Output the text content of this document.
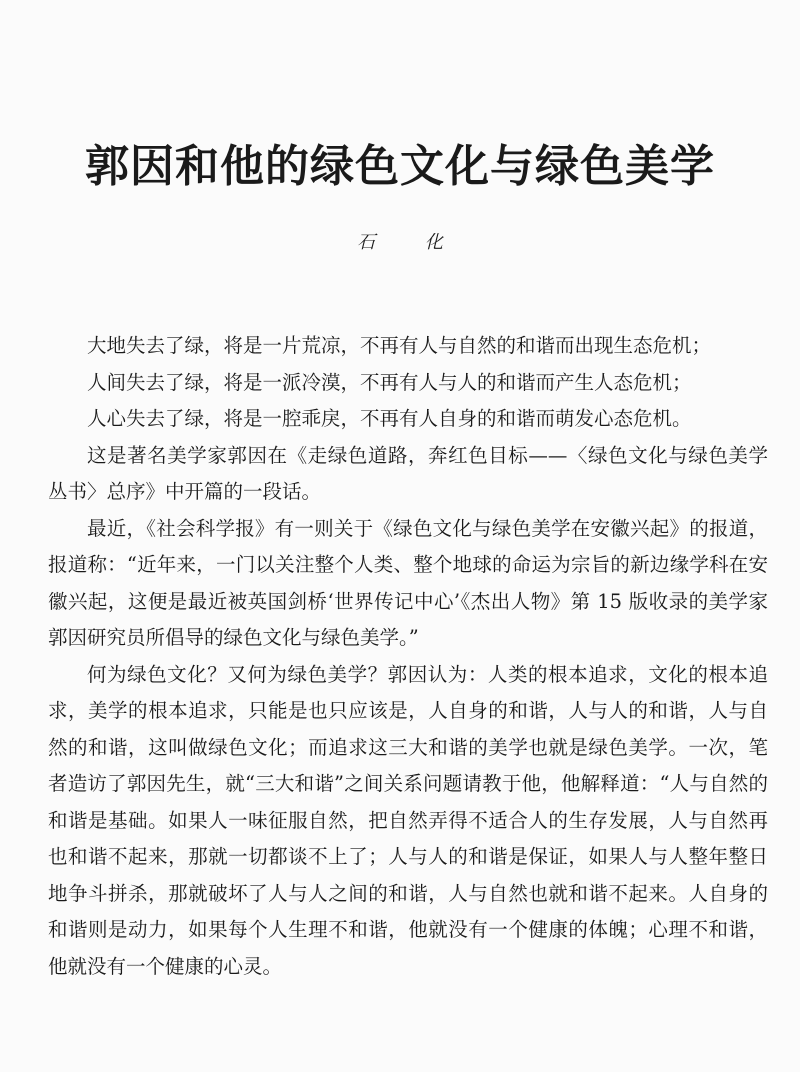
郭因和他的绿色文化与绿色美学

石 化

大地失去了绿，将是一片荒凉，不再有人与自然的和谐而出现生态危机；

人间失去了绿，将是一派冷漠，不再有人与人的和谐而产生人态危机；

人心失去了绿，将是一腔乖戾，不再有人自身的和谐而萌发心态危机。

这是著名美学家郭因在《走绿色道路，奔红色目标——〈绿色文化与绿色美学丛书〉总序》中开篇的一段话。

最近，《社会科学报》有一则关于《绿色文化与绿色美学在安徽兴起》的报道，报道称：“近年来，一门以关注整个人类、整个地球的命运为宗旨的新边缘学科在安徽兴起，这便是最近被英国剑桥‘世界传记中心’《杰出人物》第 15 版收录的美学家郭因研究员所倡导的绿色文化与绿色美学。”

何为绿色文化？又何为绿色美学？郭因认为：人类的根本追求，文化的根本追求，美学的根本追求，只能是也只应该是，人自身的和谐，人与人的和谐，人与自然的和谐，这叫做绿色文化；而追求这三大和谐的美学也就是绿色美学。一次，笔者造访了郭因先生，就“三大和谐”之间关系问题请教于他，他解释道：“人与自然的和谐是基础。如果人一味征服自然，把自然弄得不适合人的生存发展，人与自然再也和谐不起来，那就一切都谈不上了；人与人的和谐是保证，如果人与人整年整日地争斗拼杀，那就破坏了人与人之间的和谐，人与自然也就和谐不起来。人自身的和谐则是动力，如果每个人生理不和谐，他就没有一个健康的体魄；心理不和谐，他就没有一个健康的心灵。
